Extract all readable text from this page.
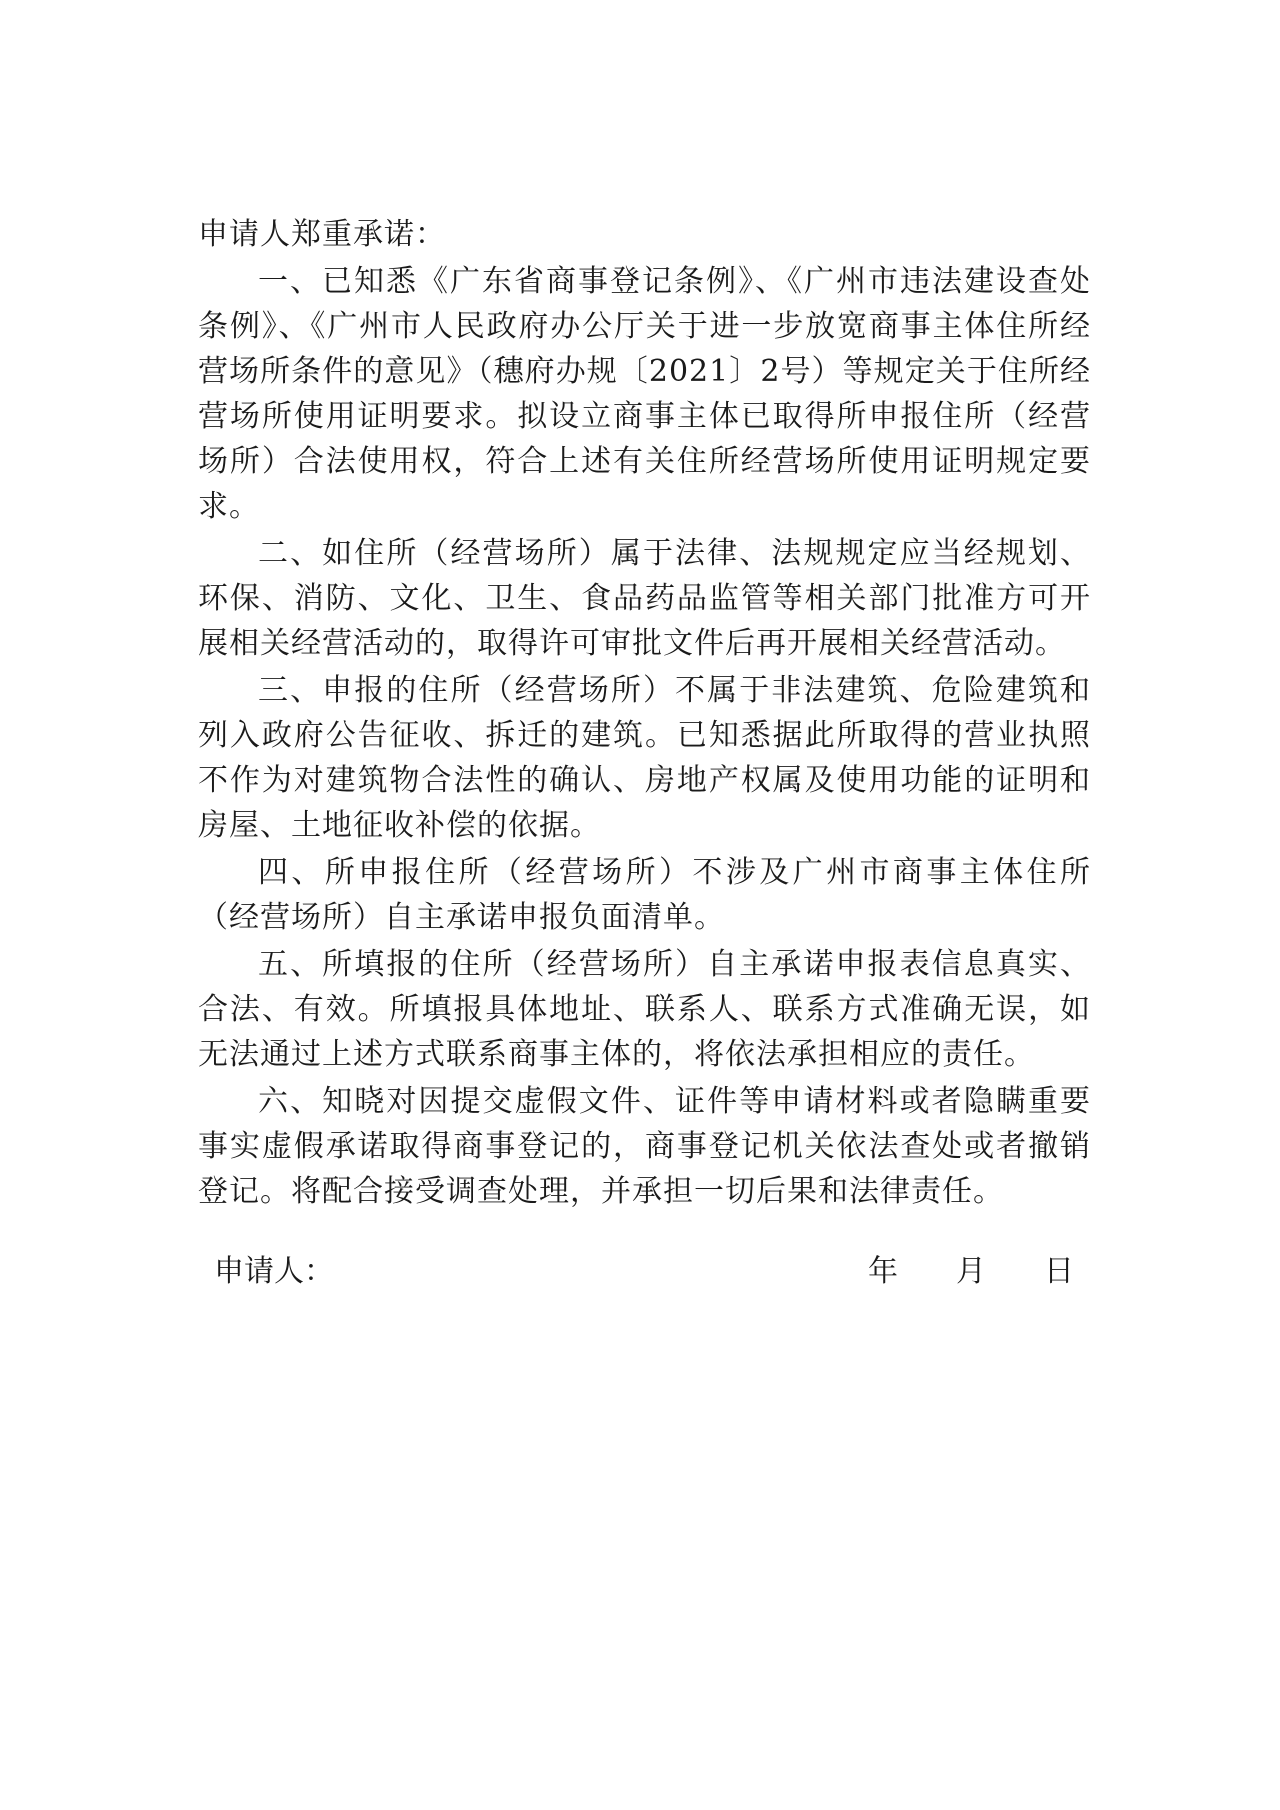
申请人郑重承诺：

一、已知悉《广东省商事登记条例》、《广州市违法建设查处条例》、《广州市人民政府办公厅关于进一步放宽商事主体住所经营场所条件的意见》（穗府办规〔2021〕2号）等规定关于住所经营场所使用证明要求。拟设立商事主体已取得所申报住所（经营场所）合法使用权，符合上述有关住所经营场所使用证明规定要求。

二、如住所（经营场所）属于法律、法规规定应当经规划、环保、消防、文化、卫生、食品药品监管等相关部门批准方可开展相关经营活动的，取得许可审批文件后再开展相关经营活动。

三、申报的住所（经营场所）不属于非法建筑、危险建筑和列入政府公告征收、拆迁的建筑。已知悉据此所取得的营业执照不作为对建筑物合法性的确认、房地产权属及使用功能的证明和房屋、土地征收补偿的依据。

四、所申报住所（经营场所）不涉及广州市商事主体住所（经营场所）自主承诺申报负面清单。

五、所填报的住所（经营场所）自主承诺申报表信息真实、合法、有效。所填报具体地址、联系人、联系方式准确无误，如无法通过上述方式联系商事主体的，将依法承担相应的责任。

六、知晓对因提交虚假文件、证件等申请材料或者隐瞒重要事实虚假承诺取得商事登记的，商事登记机关依法查处或者撤销登记。将配合接受调查处理，并承担一切后果和法律责任。

申请人：	年 月 日
